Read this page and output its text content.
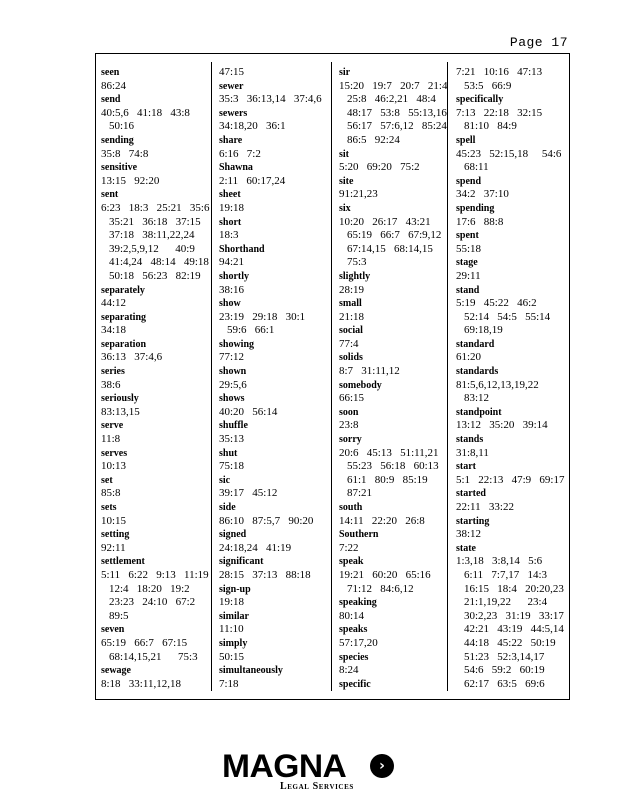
Page 17
seen
86:24
send
40:5,6   41:18   43:8
50:16
sending
35:8   74:8
sensitive
13:15   92:20
sent
6:23   18:3   25:21   35:6
35:21   36:18   37:15
37:18   38:11,22,24
39:2,5,9,12      40:9
41:4,24   48:14   49:18
50:18   56:23   82:19
separately
44:12
separating
34:18
separation
36:13   37:4,6
series
38:6
seriously
83:13,15
serve
11:8
serves
10:13
set
85:8
sets
10:15
setting
92:11
settlement
5:11   6:22   9:13   11:19
12:4   18:20   19:2
23:23   24:10   67:2
89:5
seven
65:19   66:7   67:15
68:14,15,21      75:3
sewage
8:18   33:11,12,18
47:15
sewer
35:3   36:13,14   37:4,6
sewers
34:18,20   36:1
share
6:16   7:2
Shawna
2:11   60:17,24
sheet
19:18
short
18:3
Shorthand
94:21
shortly
38:16
show
23:19   29:18   30:1
59:6   66:1
showing
77:12
shown
29:5,6
shows
40:20   56:14
shuffle
35:13
shut
75:18
sic
39:17   45:12
side
86:10   87:5,7   90:20
signed
24:18,24   41:19
significant
28:15   37:13   88:18
sign-up
19:18
similar
11:10
simply
50:15
simultaneously
7:18
sir
15:20   19:7   20:7   21:4
25:8   46:2,21   48:4
48:17   53:8   55:13,16
56:17   57:6,12   85:24
86:5   92:24
sit
5:20   69:20   75:2
site
91:21,23
six
10:20   26:17   43:21
65:19   66:7   67:9,12
67:14,15   68:14,15
75:3
slightly
28:19
small
21:18
social
77:4
solids
8:7   31:11,12
somebody
66:15
soon
23:8
sorry
20:6   45:13   51:11,21
55:23   56:18   60:13
61:1   80:9   85:19
87:21
south
14:11   22:20   26:8
Southern
7:22
speak
19:21   60:20   65:16
71:12   84:6,12
speaking
80:14
speaks
57:17,20
species
8:24
specific
7:21   10:16   47:13
53:5   66:9
specifically
7:13   22:18   32:15
81:10   84:9
spell
45:23   52:15,18     54:6
68:11
spend
34:2   37:10
spending
17:6   88:8
spent
55:18
stage
29:11
stand
5:19   45:22   46:2
52:14   54:5   55:14
69:18,19
standard
61:20
standards
81:5,6,12,13,19,22
83:12
standpoint
13:12   35:20   39:14
stands
31:8,11
start
5:1   22:13   47:9   69:17
started
22:11   33:22
starting
38:12
state
1:3,18   3:8,14   5:6
6:11   7:7,17   14:3
16:15   18:4   20:20,23
21:1,19,22      23:4
30:2,23   31:19   33:17
42:21   43:19   44:5,14
44:18   45:22   50:19
51:23   52:3,14,17
54:6   59:2   60:19
62:17   63:5   69:6
MAGNA	›
Legal Services
